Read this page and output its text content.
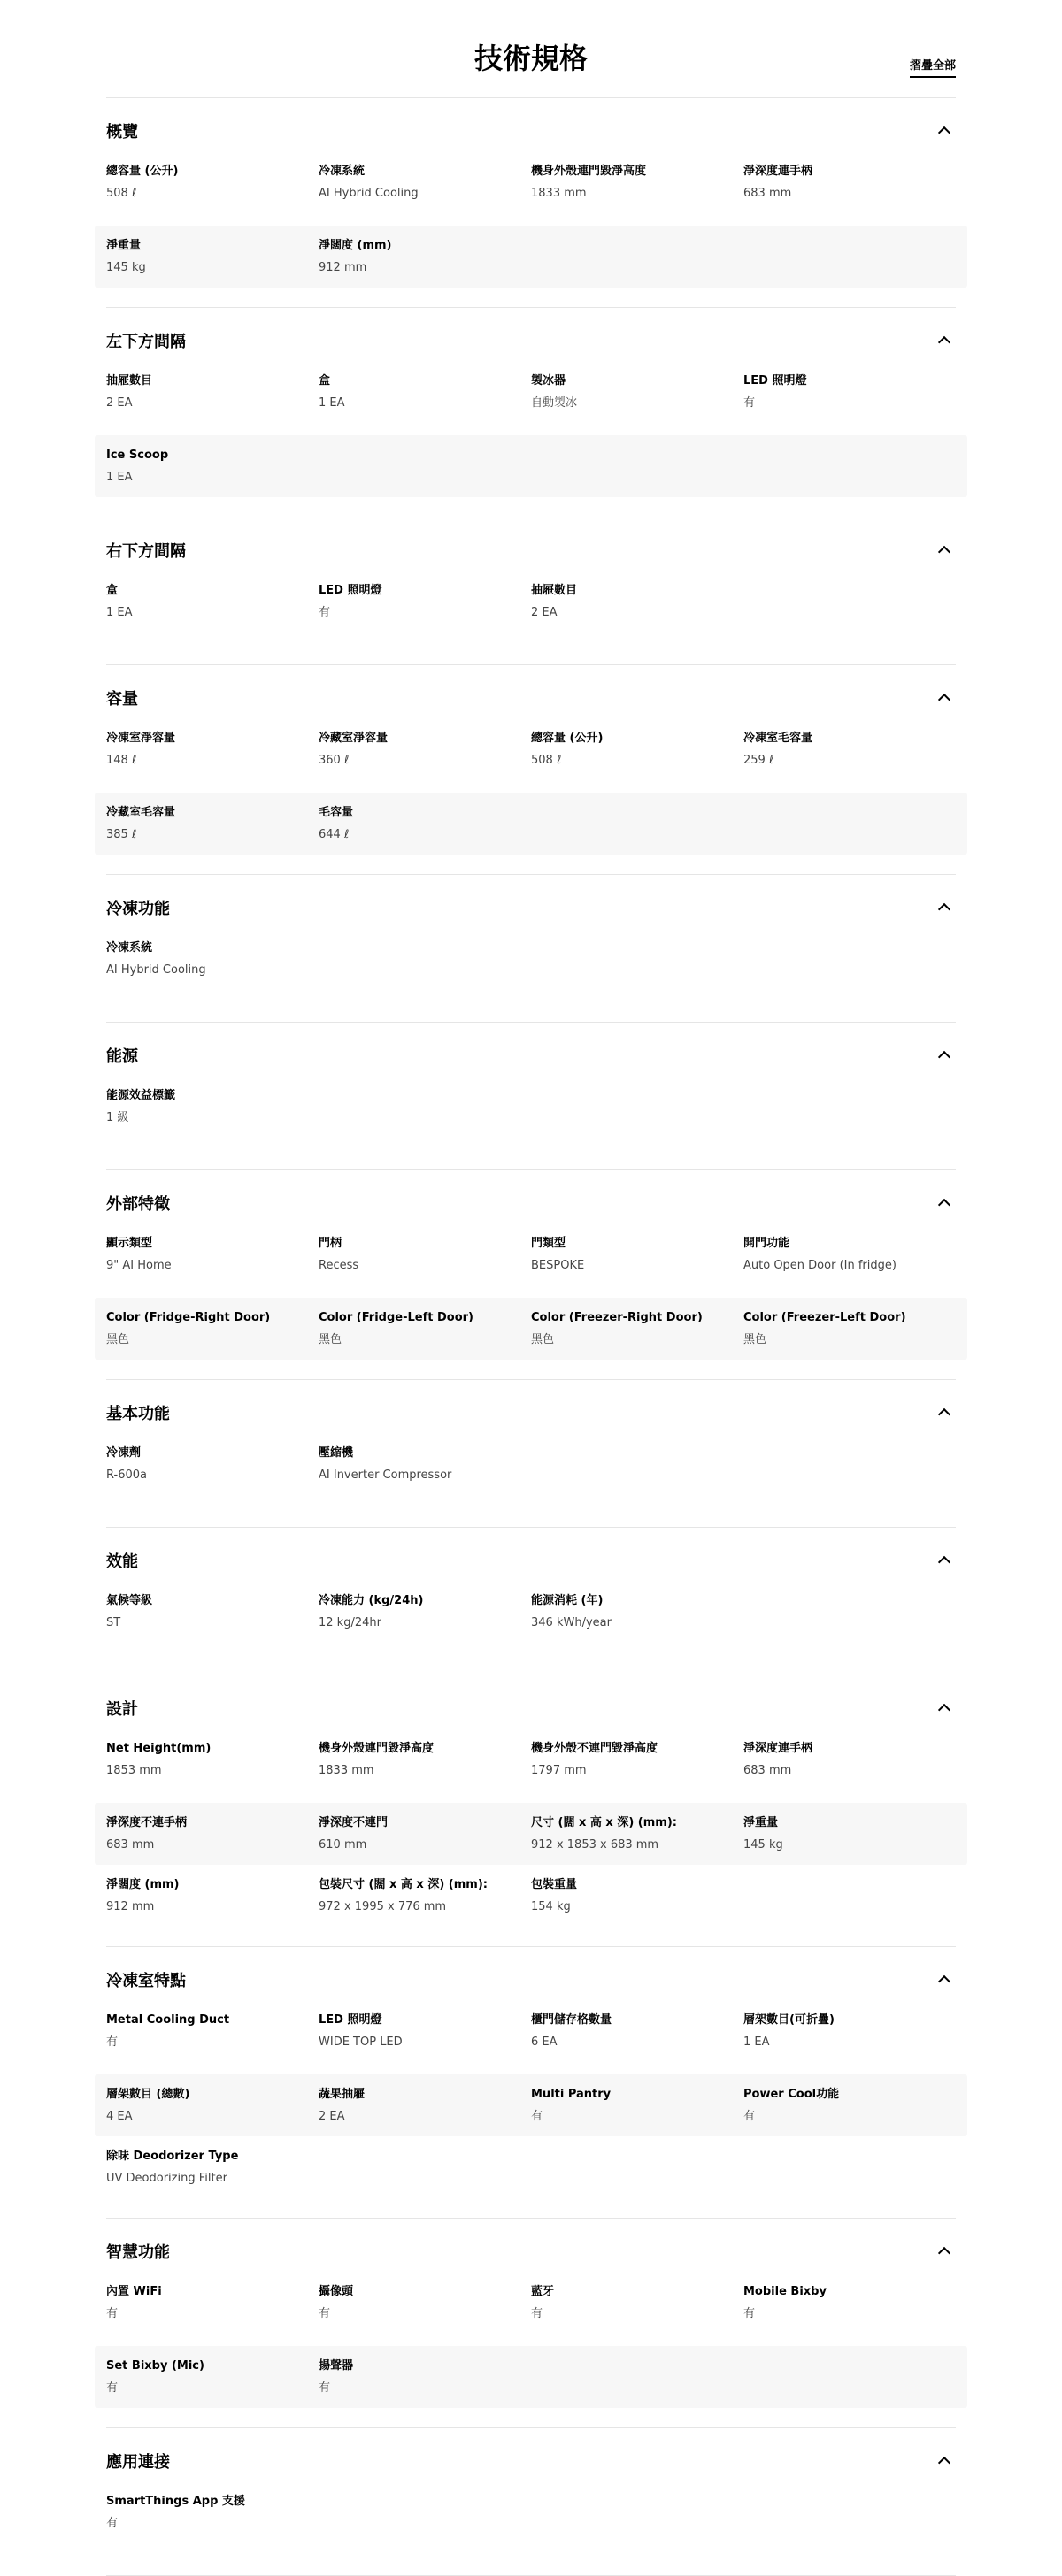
技術規格	摺疊全部
概覽
總容量 (公升)
508 ℓ
冷凍系統
AI Hybrid Cooling
機身外殼連門毀淨高度
1833 mm
淨深度連手柄
683 mm
淨重量
145 kg
淨闊度 (mm)
912 mm
左下方間隔
抽屜數目
2 EA
盒
1 EA
製冰器
自動製冰
LED 照明燈
有
Ice Scoop
1 EA
右下方間隔
盒
1 EA
LED 照明燈
有
抽屜數目
2 EA
容量
冷凍室淨容量
148 ℓ
冷藏室淨容量
360 ℓ
總容量 (公升)
508 ℓ
冷凍室毛容量
259 ℓ
冷藏室毛容量
385 ℓ
毛容量
644 ℓ
冷凍功能
冷凍系統
AI Hybrid Cooling
能源
能源效益標籤
1 級
外部特徵
顯示類型
9" AI Home
門柄
Recess
門類型
BESPOKE
開門功能
Auto Open Door (In fridge)
Color (Fridge-Right Door)
黑色
Color (Fridge-Left Door)
黑色
Color (Freezer-Right Door)
黑色
Color (Freezer-Left Door)
黑色
基本功能
冷凍劑
R-600a
壓縮機
AI Inverter Compressor
效能
氣候等級
ST
冷凍能力 (kg/24h)
12 kg/24hr
能源消耗 (年)
346 kWh/year
設計
Net Height(mm)
1853 mm
機身外殼連門毀淨高度
1833 mm
機身外殼不連門毀淨高度
1797 mm
淨深度連手柄
683 mm
淨深度不連手柄
683 mm
淨深度不連門
610 mm
尺寸 (闊 x 高 x 深) (mm):
912 x 1853 x 683 mm
淨重量
145 kg
淨闊度 (mm)
912 mm
包裝尺寸 (闊 x 高 x 深) (mm):
972 x 1995 x 776 mm
包裝重量
154 kg
冷凍室特點
Metal Cooling Duct
有
LED 照明燈
WIDE TOP LED
櫃門儲存格數量
6 EA
層架數目(可折疊)
1 EA
層架數目 (總數)
4 EA
蔬果抽屜
2 EA
Multi Pantry
有
Power Cool功能
有
除味 Deodorizer Type
UV Deodorizing Filter
智慧功能
內置 WiFi
有
攝像頭
有
藍牙
有
Mobile Bixby
有
Set Bixby (Mic)
有
揚聲器
有
應用連接
SmartThings App 支援
有
